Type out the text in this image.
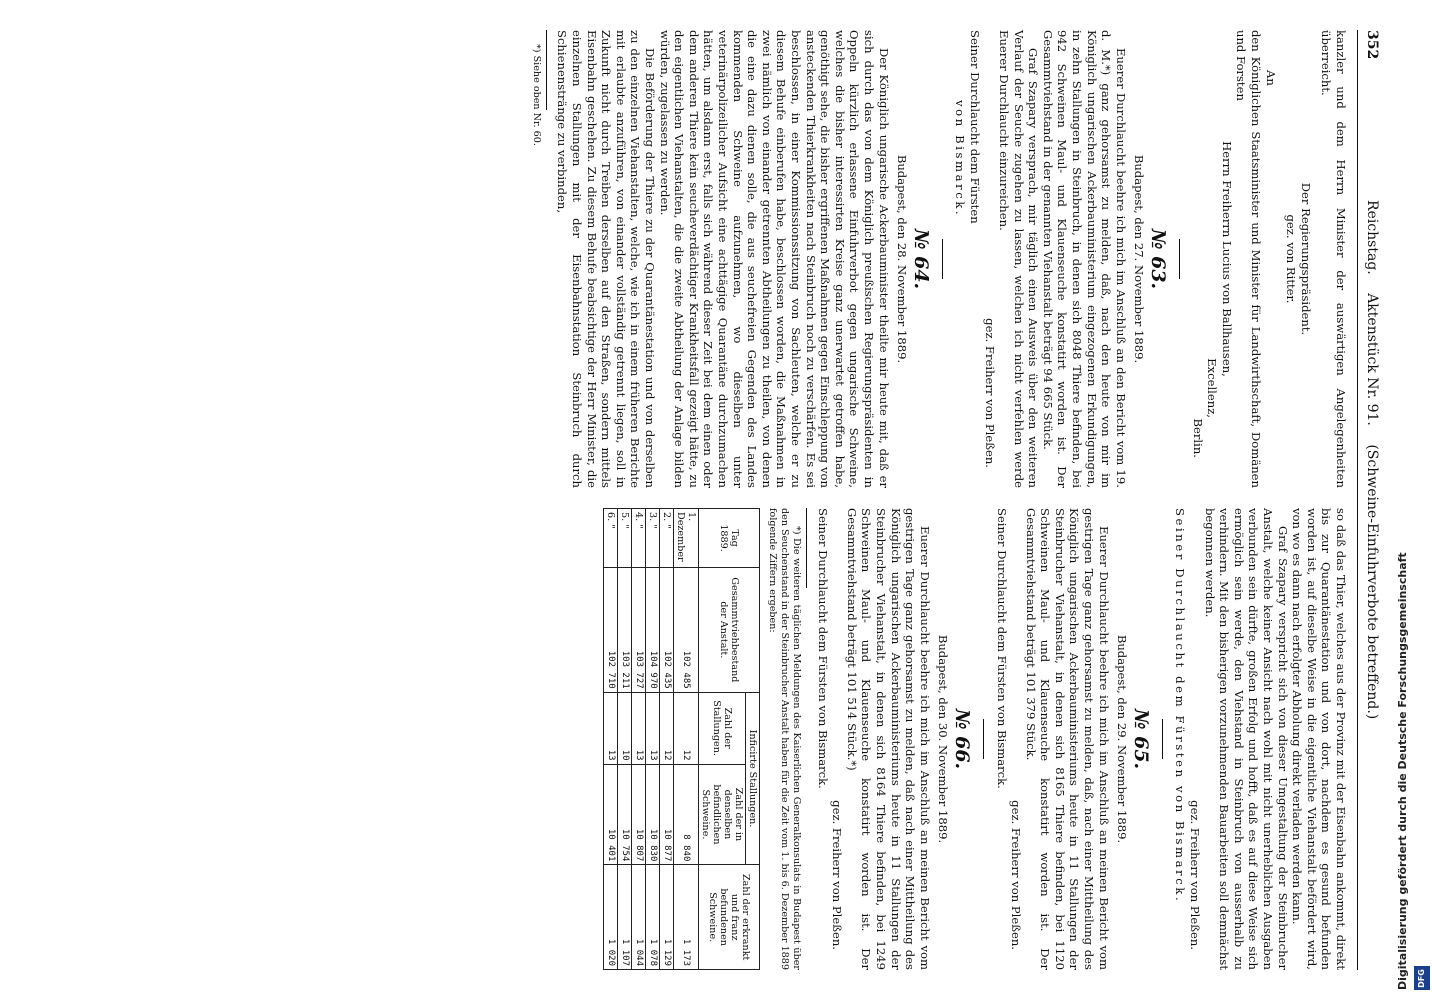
352
Reichstag. Aktenstück Nr. 91. (Schweine-Einfuhrverbote betreffend.)

kanzler und dem Herrn Minister der auswärtigen Angelegenheiten überreicht.

Der Regierungspräsident.

gez. von Ritter.

An

den Königlichen Staatsminister und Minister für Landwirthschaft, Domänen und Forsten

Herrn Freiherrn Lucius von Ballhausen,

Excellenz,

Berlin.

№ 63.

Budapest, den 27. November 1889.

Euerer Durchlaucht beehre ich mich im Anschluß an den Bericht vom 19. d. M.*) ganz gehorsamst zu melden, daß, nach den heute von mir im Königlich ungarischen Ackerbauministerium eingezogenen Erkundigungen, in zehn Stallungen in Steinbruch, in denen sich 8048 Thiere befinden, bei 942 Schweinen Maul- und Klauenseuche konstatirt worden ist. Der Gesammtviehstand in der genannten Viehanstalt beträgt 94 665 Stück.

Graf Szapary versprach, mir täglich einen Ausweis über den weiteren Verlauf der Seuche zugehen zu lassen, welchen ich nicht verfehlen werde Euerer Durchlaucht einzureichen.

gez. Freiherr von Pleßen.

Seiner Durchlaucht dem Fürsten

von Bismarck.

№ 64.

Budapest, den 28. November 1889.

Der Königlich ungarische Ackerbauminister theilte mir heute mit, daß er sich durch das von dem Königlich preußischen Regierungspräsidenten in Oppeln kürzlich erlassene Einfuhrverbot gegen ungarische Schweine, welches die bisher interessirten Kreise ganz unerwartet getroffen habe, genöthigt sehe, die bisher ergriffenen Maßnahmen gegen Einschleppung von ansteckenden Thierkrankheiten nach Steinbruch noch zu verschärfen. Es sei beschlossen, in einer Kommissionssitzung von Sachleuten, welche er zu diesem Behufe einberufen habe, beschlossen worden, die Maßnahmen in zwei nämlich von einander getrennten Abtheilungen zu theilen, von denen die eine dazu dienen solle, die aus seuchefreien Gegenden des Landes kommenden Schweine aufzunehmen, wo dieselben unter veterinärpolizeilicher Aufsicht eine achttägige Quarantäne durchzumachen hätten, um alsdann erst, falls sich während dieser Zeit bei dem einen oder dem anderen Thiere kein seucheverdächtiger Krankheitsfall gezeigt hätte, zu den eigentlichen Viehanstalten, die die zweite Abtheilung der Anlage bilden würden, zugelassen zu werden.

Die Beförderung der Thiere zu der Quarantänestation und von derselben zu den einzelnen Viehanstalten, welche, wie ich in einem früheren Berichte mit erlaubte anzuführen, von einander vollständig getrennt liegen, soll in Zukunft nicht durch Treiben derselben auf den Straßen, sondern mittels Eisenbahn geschehen. Zu diesem Behufe beabsichtige der Herr Minister, die einzelnen Stallungen mit der Eisenbahnstation Steinbruch durch Schienenstränge zu verbinden,

*) Siehe oben Nr. 60.

so daß das Thier, welches aus der Provinz mit der Eisenbahn ankommt, direkt bis zur Quarantänestation und von dort, nachdem es gesund befunden worden ist, auf dieselbe Weise in die eigentliche Viehanstalt befördert wird, von wo es dann nach erfolgter Abholung direkt verladen werden kann.

Graf Szapary verspricht sich von dieser Umgestaltung der Steinbrucher Anstalt, welche keiner Ansicht nach wohl mit nicht unerheblichen Ausgaben verbunden sein dürfte, großen Erfolg und hofft, daß es auf diese Weise sich ermöglich sein werde, den Viehstand in Steinbruch von ausserhalb zu verhindern. Mit den bisherigen vorzunehmenden Bauarbeiten soll demnächst begonnen werden.

gez. Freiherr von Pleßen.

Seiner Durchlaucht dem Fürsten von Bismarck.

№ 65.

Budapest, den 29. November 1889.

Euerer Durchlaucht beehre ich mich im Anschluß an meinen Bericht vom gestrigen Tage ganz gehorsamst zu melden, daß, nach einer Mittheilung des Königlich ungarischen Ackerbauministeriums heute in 11 Stallungen der Steinbrucher Viehanstalt, in denen sich 8165 Thiere befinden, bei 1120 Schweinen Maul- und Klauenseuche konstatirt worden ist. Der Gesammtviehstand beträgt 101 379 Stück.

gez. Freiherr von Pleßen.

Seiner Durchlaucht dem Fürsten von Bismarck.

№ 66.

Budapest, den 30. November 1889.

Euerer Durchlaucht beehre ich mich im Anschluß an meinen Bericht vom gestrigen Tage ganz gehorsamst zu melden, daß nach einer Mittheilung des Königlich ungarischen Ackerbauministeriums heute in 11 Stallungen der Steinbrucher Viehanstalt, in denen sich 8164 Thiere befinden, bei 1249 Schweinen Maul- und Klauenseuche konstatirt worden ist. Der Gesammtviehstand beträgt 101 514 Stück.*)

gez. Freiherr von Pleßen.

Seiner Durchlaucht dem Fürsten von Bismarck.

*) Die weiteren täglichen Meldungen des Kaiserlichen Generalkonsulats in Budapest über den Seuchenstand in der Steinbrucher Anstalt haben für die Zeit vom 1. bis 6. Dezember 1889 folgende Ziffern ergeben:

Tag
1889.	Gesammtviehbestand der Anstalt.	Inficirte Stallungen.		Zahl der erkrankt und franz befundenen Schweine.
		Zahl der Stallungen.	Zahl der in denselben befindlichen Schweine.	
1. Dezember	102 485	12	8 840	1 173
2. "	102 435	12	10 877	1 129
3. "	104 970	13	10 830	1 078
4. "	103 727	13	10 807	1 044
5. "	103 211	10	10 754	1 107
6. "	102 710	13	10 401	1 020	Digitalisierung gefördert durch die Deutsche Forschungsgemeinschaft DFG
